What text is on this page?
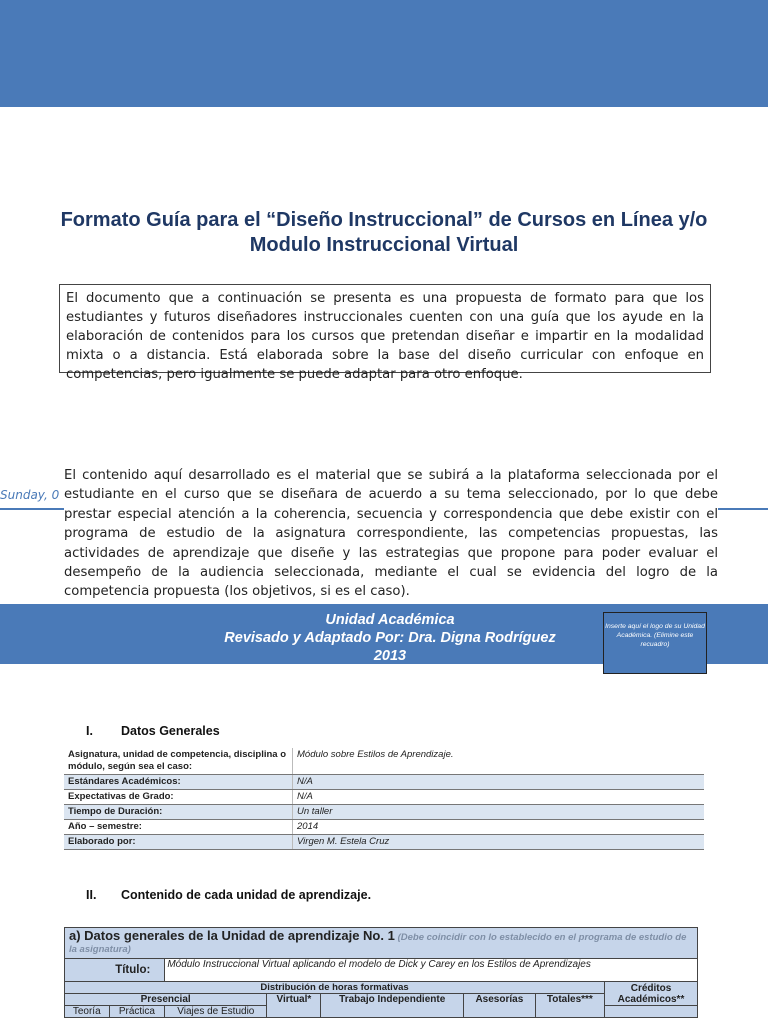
Formato Guía para el “Diseño Instruccional” de Cursos en Línea y/o Modulo Instruccional Virtual
El documento que a continuación se presenta es una propuesta de formato para que los estudiantes y futuros diseñadores instruccionales cuenten con una guía que los ayude en la elaboración de contenidos para los cursos que pretendan diseñar e impartir en la modalidad mixta o a distancia. Está elaborada sobre la base del diseño curricular con enfoque en competencias, pero igualmente se puede adaptar para otro enfoque.
Sunday, 0
El contenido aquí desarrollado es el material que se subirá a la plataforma seleccionada por el estudiante en el curso que se diseñara de acuerdo a su tema seleccionado, por lo que debe prestar especial atención a la coherencia, secuencia y correspondencia que debe existir con el programa de estudio de la asignatura correspondiente, las competencias propuestas, las actividades de aprendizaje que diseñe y las estrategias que propone para poder evaluar el desempeño de la audiencia seleccionada, mediante el cual se evidencia del logro de la competencia propuesta (los objetivos, si es el caso).
Unidad Académica
Revisado y Adaptado Por: Dra. Digna Rodríguez
2013
Inserte aquí el logo de su Unidad Académica. (Elimine este recuadro)
I. Datos Generales
Asignatura, unidad de competencia, disciplina o módulo, según sea el caso:	Módulo sobre Estilos de Aprendizaje.
Estándares Académicos:	N/A
Expectativas de Grado:	N/A
Tiempo de Duración:	Un taller
Año – semestre:	2014
Elaborado por:	Virgen M. Estela Cruz
II. Contenido de cada unidad de aprendizaje.
a) Datos generales de la Unidad de aprendizaje No. 1 (Debe coincidir con lo establecido en el programa de estudio de la asignatura)							
Título:		Módulo Instruccional Virtual aplicando el modelo de Dick y Carey en los Estilos de Aprendizajes					
Distribución de horas formativas							Créditos Académicos**
Presencial			Virtual*	Trabajo Independiente	Asesorías	Totales***	
Teoría	Práctica	Viajes de Estudio					
